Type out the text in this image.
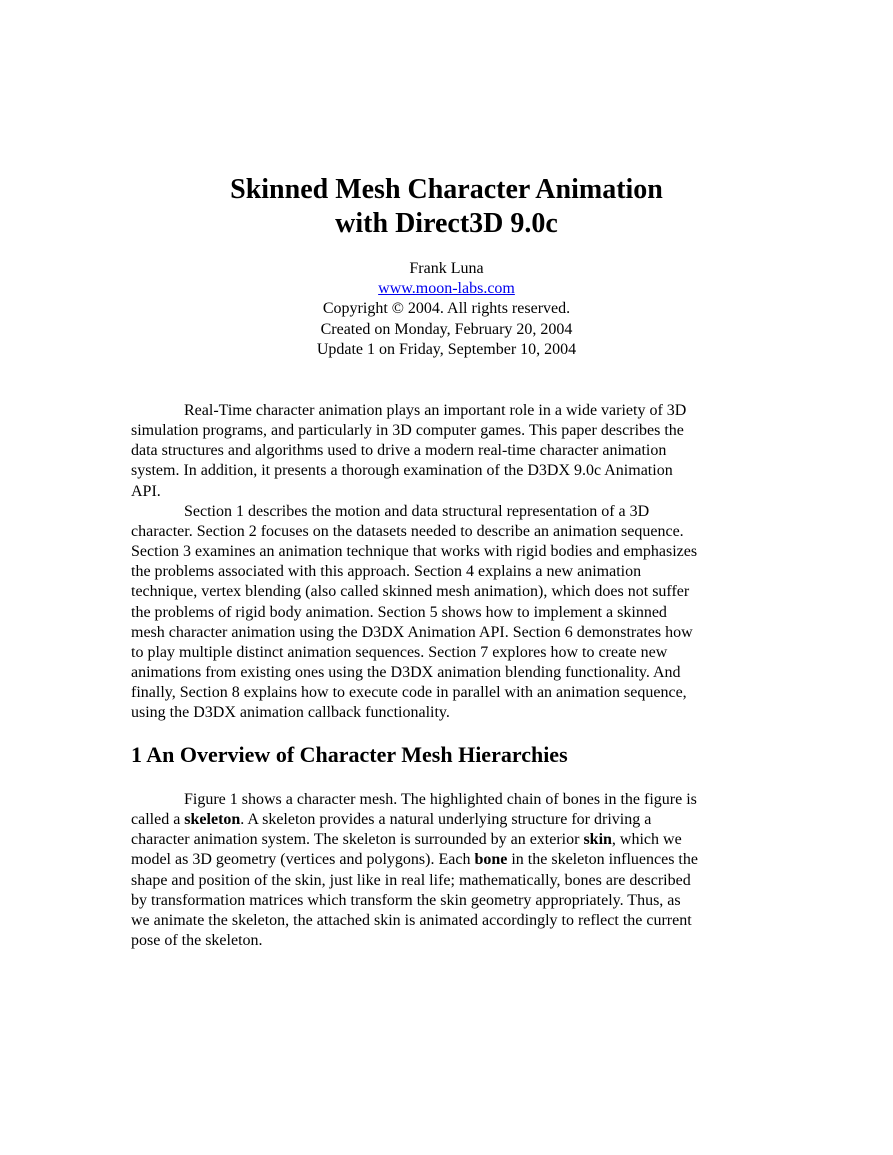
Skinned Mesh Character Animation
with Direct3D 9.0c
Frank Luna
www.moon-labs.com
Copyright © 2004. All rights reserved.
Created on Monday, February 20, 2004
Update 1 on Friday, September 10, 2004
Real-Time character animation plays an important role in a wide variety of 3D
simulation programs, and particularly in 3D computer games. This paper describes the
data structures and algorithms used to drive a modern real-time character animation
system. In addition, it presents a thorough examination of the D3DX 9.0c Animation
API.
Section 1 describes the motion and data structural representation of a 3D
character. Section 2 focuses on the datasets needed to describe an animation sequence.
Section 3 examines an animation technique that works with rigid bodies and emphasizes
the problems associated with this approach. Section 4 explains a new animation
technique, vertex blending (also called skinned mesh animation), which does not suffer
the problems of rigid body animation. Section 5 shows how to implement a skinned
mesh character animation using the D3DX Animation API. Section 6 demonstrates how
to play multiple distinct animation sequences. Section 7 explores how to create new
animations from existing ones using the D3DX animation blending functionality. And
finally, Section 8 explains how to execute code in parallel with an animation sequence,
using the D3DX animation callback functionality.
1 An Overview of Character Mesh Hierarchies
Figure 1 shows a character mesh. The highlighted chain of bones in the figure is
called a skeleton. A skeleton provides a natural underlying structure for driving a
character animation system. The skeleton is surrounded by an exterior skin, which we
model as 3D geometry (vertices and polygons). Each bone in the skeleton influences the
shape and position of the skin, just like in real life; mathematically, bones are described
by transformation matrices which transform the skin geometry appropriately. Thus, as
we animate the skeleton, the attached skin is animated accordingly to reflect the current
pose of the skeleton.
